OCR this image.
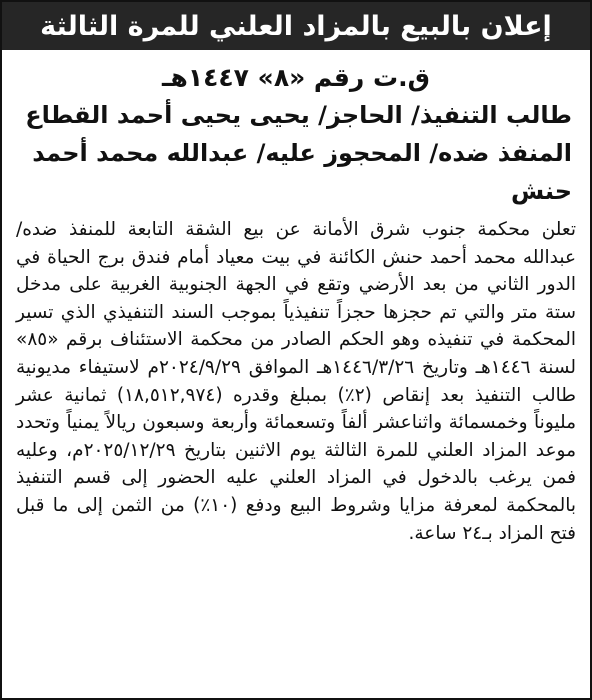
إعلان بالبيع بالمزاد العلني للمرة الثالثة
ق.ت رقم «٨» ١٤٤٧هـ
طالب التنفيذ/ الحاجز/ يحيى يحيى أحمد القطاع
المنفذ ضده/ المحجوز عليه/ عبدالله محمد أحمد حنش
تعلن محكمة جنوب شرق الأمانة عن بيع الشقة التابعة للمنفذ ضده/ عبدالله محمد أحمد حنش الكائنة في بيت معياد أمام فندق برج الحياة في الدور الثاني من بعد الأرضي وتقع في الجهة الجنوبية الغربية على مدخل ستة متر والتي تم حجزها حجزاً تنفيذياً بموجب السند التنفيذي الذي تسير المحكمة في تنفيذه وهو الحكم الصادر من محكمة الاستئناف برقم «٨٥» لسنة ١٤٤٦هـ وتاريخ ١٤٤٦/٣/٢٦هـ الموافق ٢٠٢٤/٩/٢٩م لاستيفاء مديونية طالب التنفيذ بعد إنقاص (٢٪) بمبلغ وقدره (١٨,٥١٢,٩٧٤) ثمانية عشر مليوناً وخمسمائة واثناعشر ألفاً وتسعمائة وأربعة وسبعون ريالاً يمنياً وتحدد موعد المزاد العلني للمرة الثالثة يوم الاثنين بتاريخ ٢٠٢٥/١٢/٢٩م، وعليه فمن يرغب بالدخول في المزاد العلني عليه الحضور إلى قسم التنفيذ بالمحكمة لمعرفة مزايا وشروط البيع ودفع (١٠٪) من الثمن إلى ما قبل فتح المزاد بـ٢٤ ساعة.
